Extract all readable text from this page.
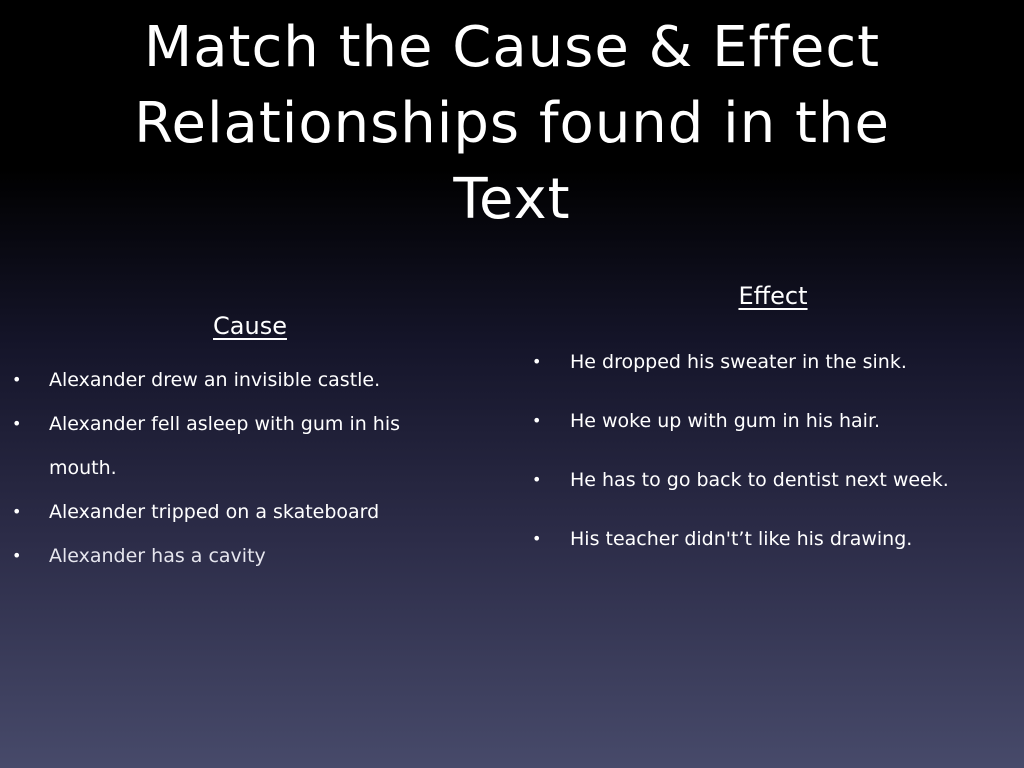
Match the Cause & Effect Relationships found in the Text
Cause
• Alexander drew an invisible castle.
• Alexander fell asleep with gum in his mouth.
• Alexander tripped on a skateboard
• Alexander has a cavity
Effect
• He dropped his sweater in the sink.
• He woke up with gum in his hair.
• He has to go back to dentist next week.
• His teacher didn't’t like his drawing.
